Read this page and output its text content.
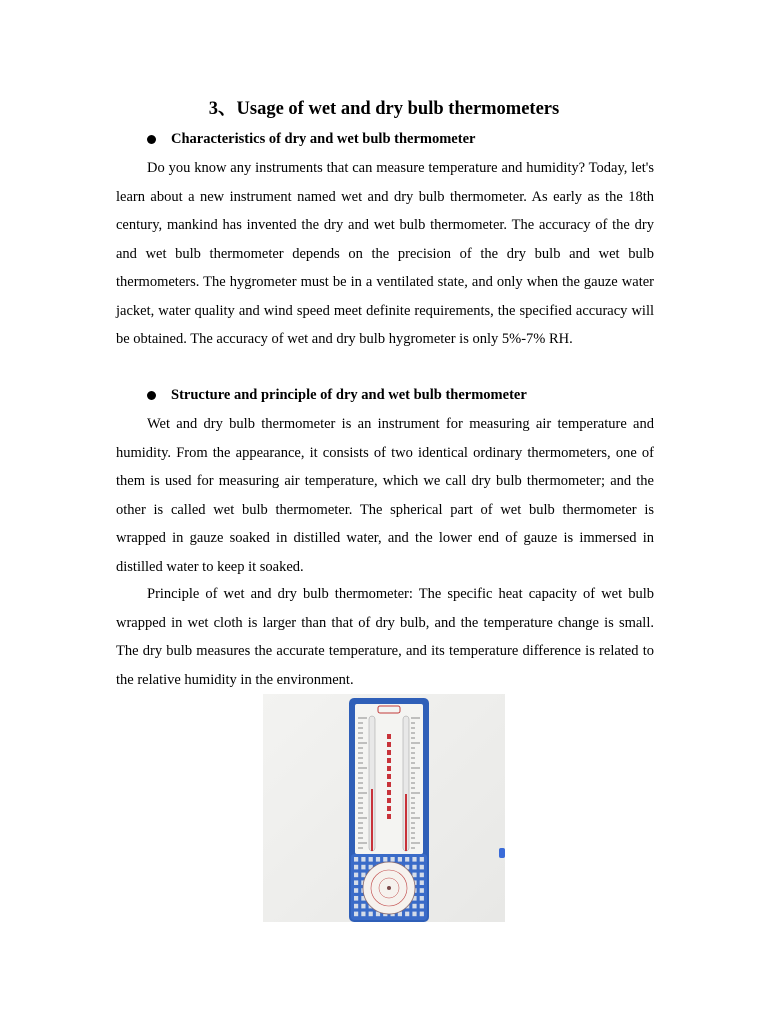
3、Usage of wet and dry bulb thermometers
Characteristics of dry and wet bulb thermometer
Do you know any instruments that can measure temperature and humidity? Today, let's learn about a new instrument named wet and dry bulb thermometer. As early as the 18th century, mankind has invented the dry and wet bulb thermometer. The accuracy of the dry and wet bulb thermometer depends on the precision of the dry bulb and wet bulb thermometers. The hygrometer must be in a ventilated state, and only when the gauze water jacket, water quality and wind speed meet definite requirements, the specified accuracy will be obtained. The accuracy of wet and dry bulb hygrometer is only 5%-7% RH.
Structure and principle of dry and wet bulb thermometer
Wet and dry bulb thermometer is an instrument for measuring air temperature and humidity. From the appearance, it consists of two identical ordinary thermometers, one of them is used for measuring air temperature, which we call dry bulb thermometer; and the other is called wet bulb thermometer. The spherical part of wet bulb thermometer is wrapped in gauze soaked in distilled water, and the lower end of gauze is immersed in distilled water to keep it soaked.
Principle of wet and dry bulb thermometer: The specific heat capacity of wet bulb wrapped in wet cloth is larger than that of dry bulb, and the temperature change is small. The dry bulb measures the accurate temperature, and its temperature difference is related to the relative humidity in the environment.
